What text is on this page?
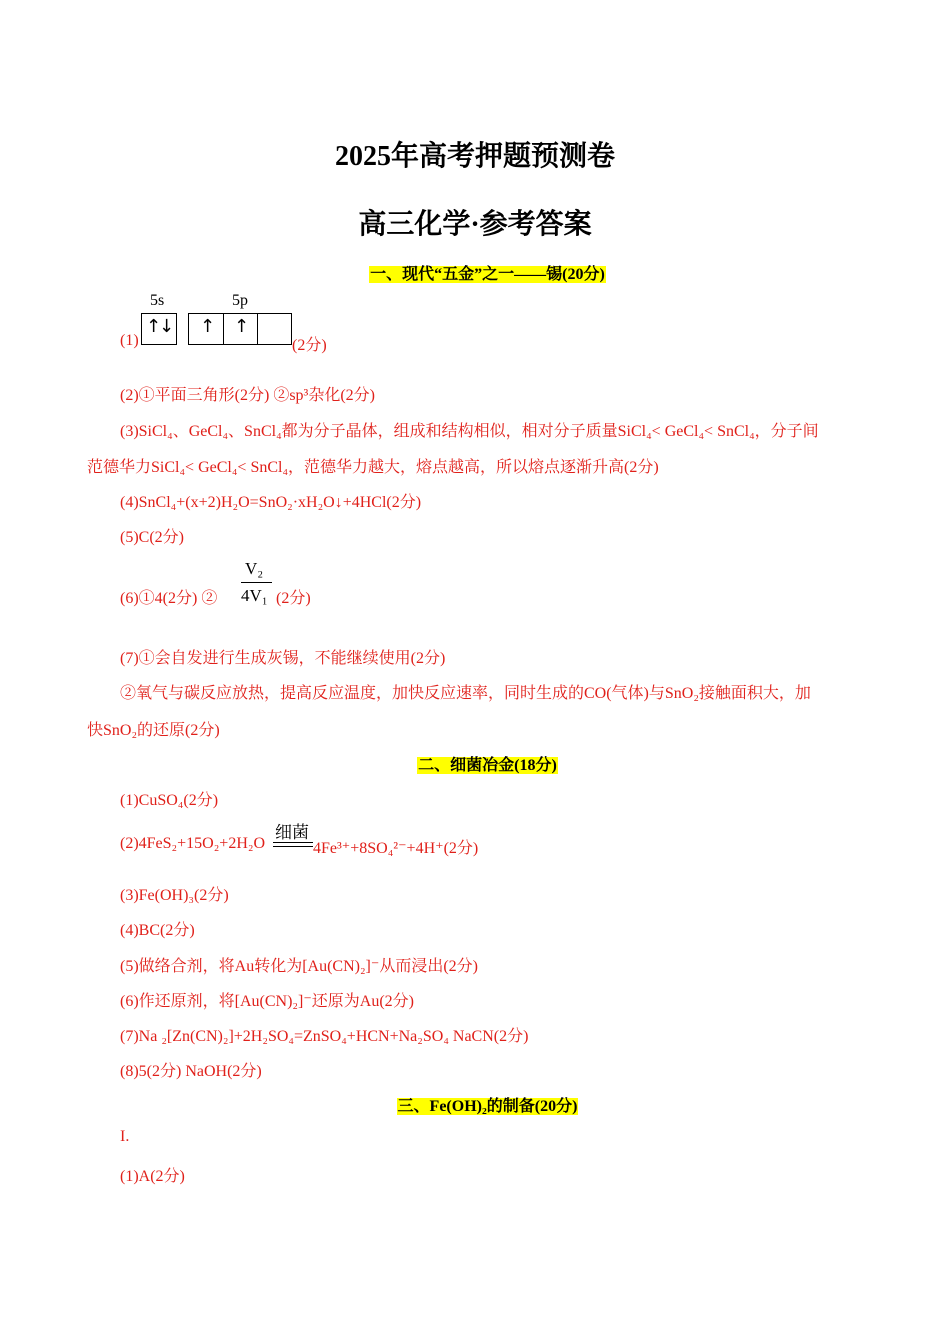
2025年高考押题预测卷
高三化学·参考答案
一、现代“五金”之一——锡(20分)
(1)
5s	5p
↑
↓ ↑ ↑
(2分)
(2)①平面三角形(2分) ②sp³杂化(2分)
(3)SiCl₄、GeCl₄、SnCl₄都为分子晶体，组成和结构相似，相对分子质量SiCl₄< GeCl₄< SnCl₄，分子间
范德华力SiCl₄< GeCl₄< SnCl₄，范德华力越大，熔点越高，所以熔点逐渐升高(2分)
(4)SnCl₄+(x+2)H₂O=SnO₂·xH₂O↓+4HCl(2分)
(5)C(2分)
(6)①4(2分) ②
V₂
4V₁ (2分)
(7)①会自发进行生成灰锡，不能继续使用(2分)
②氧气与碳反应放热，提高反应温度，加快反应速率，同时生成的CO(气体)与SnO₂接触面积大，加
快SnO₂的还原(2分)
二、细菌冶金(18分)
(1)CuSO₄(2分)
(2)4FeS₂+15O₂+2H₂O
细菌
4Fe³⁺+8SO₄²⁻+4H⁺(2分)
(3)Fe(OH)₃(2分)
(4)BC(2分)
(5)做络合剂，将Au转化为[Au(CN)₂]⁻从而浸出(2分)
(6)作还原剂，将[Au(CN)₂]⁻还原为Au(2分)
(7)Na ₂[Zn(CN)₂]+2H₂SO₄=ZnSO₄+HCN+Na₂SO₄ NaCN(2分)
(8)5(2分) NaOH(2分)
三、Fe(OH)₂的制备(20分)
I.
(1)A(2分)
